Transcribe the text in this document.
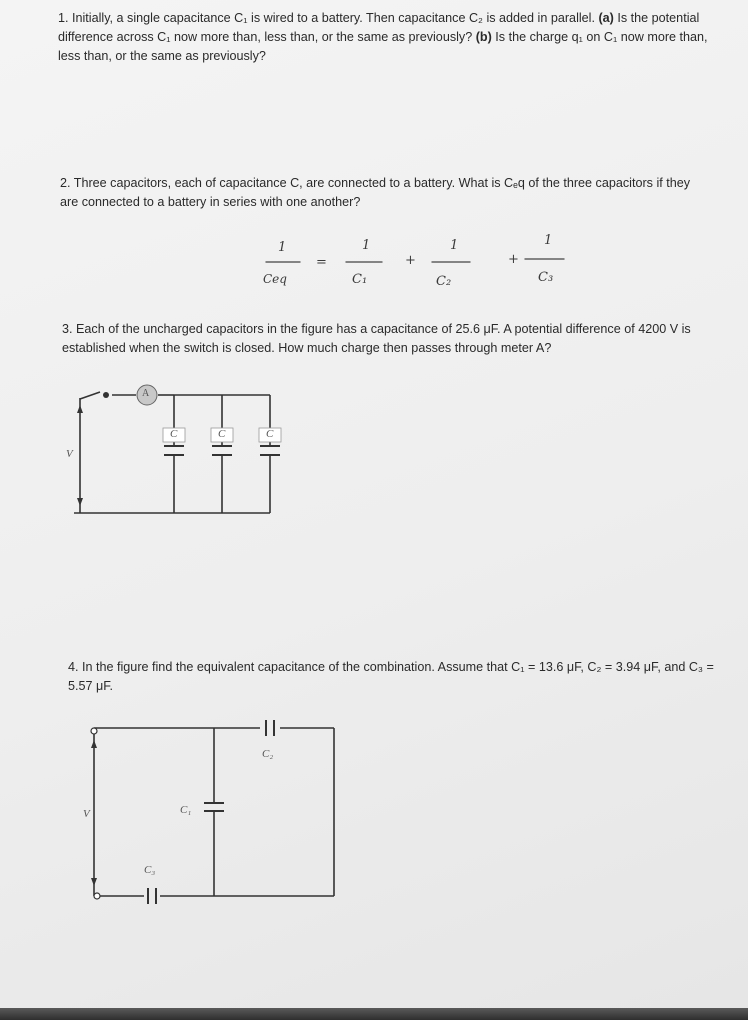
1. Initially, a single capacitance C₁ is wired to a battery. Then capacitance C₂ is added in parallel. (a) Is the potential difference across C₁ now more than, less than, or the same as previously? (b) Is the charge q₁ on C₁ now more than, less than, or the same as previously?
2. Three capacitors, each of capacitance C, are connected to a battery. What is Cₑq of the three capacitors if they are connected to a battery in series with one another?
1
Ceq
=
1
C₁
+
1
C₂
+
1
C₃
3. Each of the uncharged capacitors in the figure has a capacitance of 25.6 μF. A potential difference of 4200 V is established when the switch is closed. How much charge then passes through meter A?
4. In the figure find the equivalent capacitance of the combination. Assume that C₁ = 13.6 μF, C₂ = 3.94 μF, and C₃ = 5.57 μF.
A
V
C	C	C
V	C₁
C₂
C₃
